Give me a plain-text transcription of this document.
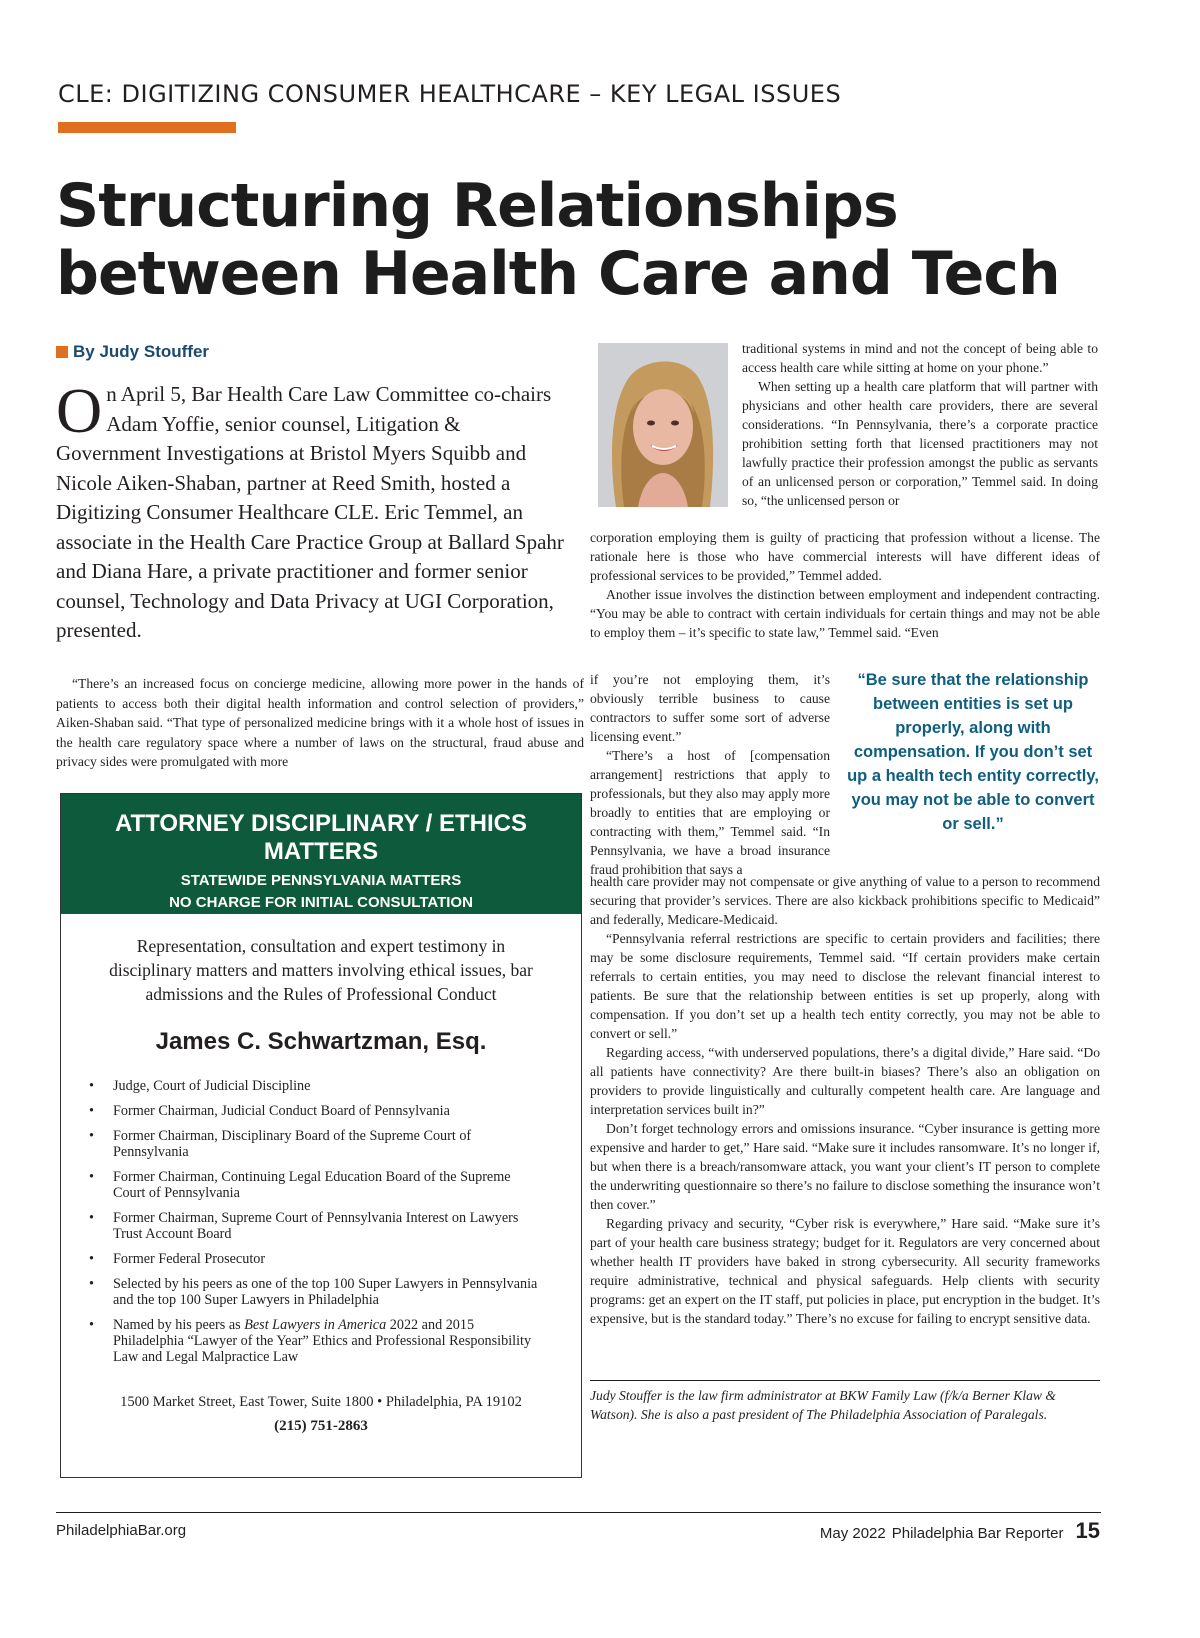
CLE: DIGITIZING CONSUMER HEALTHCARE – KEY LEGAL ISSUES
Structuring Relationships between Health Care and Tech
By Judy Stouffer
On April 5, Bar Health Care Law Committee co-chairs Adam Yoffie, senior counsel, Litigation & Government Investigations at Bristol Myers Squibb and Nicole Aiken-Shaban, partner at Reed Smith, hosted a Digitizing Consumer Healthcare CLE. Eric Temmel, an associate in the Health Care Practice Group at Ballard Spahr and Diana Hare, a private practitioner and former senior counsel, Technology and Data Privacy at UGI Corporation, presented.

“There’s an increased focus on concierge medicine, allowing more power in the hands of patients to access both their digital health information and control selection of providers,” Aiken-Shaban said. “That type of personalized medicine brings with it a whole host of issues in the health care regulatory space where a number of laws on the structural, fraud abuse and privacy sides were promulgated with more

ATTORNEY DISCIPLINARY / ETHICS MATTERS
STATEWIDE PENNSYLVANIA MATTERS
NO CHARGE FOR INITIAL CONSULTATION
Representation, consultation and expert testimony in disciplinary matters and matters involving ethical issues, bar admissions and the Rules of Professional Conduct
James C. Schwartzman, Esq.
• Judge, Court of Judicial Discipline
• Former Chairman, Judicial Conduct Board of Pennsylvania
• Former Chairman, Disciplinary Board of the Supreme Court of Pennsylvania
• Former Chairman, Continuing Legal Education Board of the Supreme Court of Pennsylvania
• Former Chairman, Supreme Court of Pennsylvania Interest on Lawyers Trust Account Board
• Former Federal Prosecutor
• Selected by his peers as one of the top 100 Super Lawyers in Pennsylvania and the top 100 Super Lawyers in Philadelphia
• Named by his peers as Best Lawyers in America 2022 and 2015 Philadelphia “Lawyer of the Year” Ethics and Professional Responsibility Law and Legal Malpractice Law
1500 Market Street, East Tower, Suite 1800 • Philadelphia, PA 19102
(215) 751-2863

traditional systems in mind and not the concept of being able to access health care while sitting at home on your phone.”

When setting up a health care platform that will partner with physicians and other health care providers, there are several considerations. “In Pennsylvania, there’s a corporate practice prohibition setting forth that licensed practitioners may not lawfully practice their profession amongst the public as servants of an unlicensed person or corporation,” Temmel said. In doing so, “the unlicensed person or

corporation employing them is guilty of practicing that profession without a license. The rationale here is those who have commercial interests will have different ideas of professional services to be provided,” Temmel added.

Another issue involves the distinction between employment and independent contracting. “You may be able to contract with certain individuals for certain things and may not be able to employ them – it’s specific to state law,” Temmel said. “Even

if you’re not employing them, it’s obviously terrible business to cause contractors to suffer some sort of adverse licensing event.”

“There’s a host of [compensation arrangement] restrictions that apply to professionals, but they also may apply more broadly to entities that are employing or contracting with them,” Temmel said. “In Pennsylvania, we have a broad insurance fraud prohibition that says a

“Be sure that the relationship between entities is set up properly, along with compensation. If you don’t set up a health tech entity correctly, you may not be able to convert or sell.”

health care provider may not compensate or give anything of value to a person to recommend securing that provider’s services. There are also kickback prohibitions specific to Medicaid” and federally, Medicare-Medicaid.

“Pennsylvania referral restrictions are specific to certain providers and facilities; there may be some disclosure requirements, Temmel said. “If certain providers make certain referrals to certain entities, you may need to disclose the relevant financial interest to patients. Be sure that the relationship between entities is set up properly, along with compensation. If you don’t set up a health tech entity correctly, you may not be able to convert or sell.”

Regarding access, “with underserved populations, there’s a digital divide,” Hare said. “Do all patients have connectivity? Are there built-in biases? There’s also an obligation on providers to provide linguistically and culturally competent health care. Are language and interpretation services built in?”

Don’t forget technology errors and omissions insurance. “Cyber insurance is getting more expensive and harder to get,” Hare said. “Make sure it includes ransomware. It’s no longer if, but when there is a breach/ransomware attack, you want your client’s IT person to complete the underwriting questionnaire so there’s no failure to disclose something the insurance won’t then cover.”

Regarding privacy and security, “Cyber risk is everywhere,” Hare said. “Make sure it’s part of your health care business strategy; budget for it. Regulators are very concerned about whether health IT providers have baked in strong cybersecurity. All security frameworks require administrative, technical and physical safeguards. Help clients with security programs: get an expert on the IT staff, put policies in place, put encryption in the budget. It’s expensive, but is the standard today.” There’s no excuse for failing to encrypt sensitive data.

Judy Stouffer is the law firm administrator at BKW Family Law (f/k/a Berner Klaw & Watson). She is also a past president of The Philadelphia Association of Paralegals.

PhiladelphiaBar.org	May 2022 Philadelphia Bar Reporter 15
